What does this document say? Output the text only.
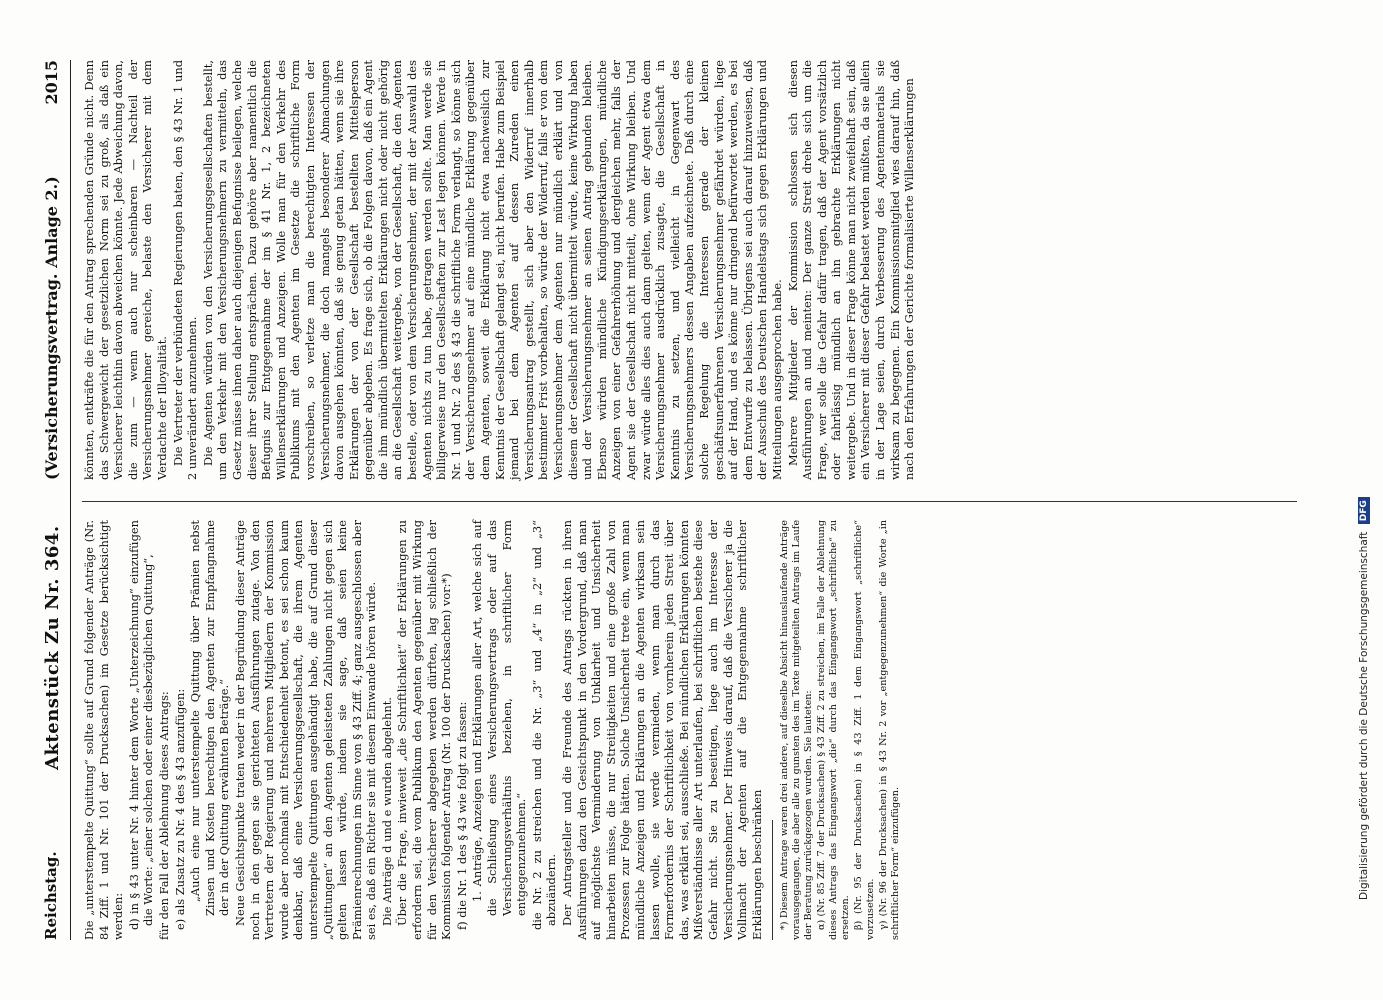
Reichstag.
Aktenstück Zu Nr. 364.
(Versicherungsvertrag. Anlage 2.)
2015

Die „unterstempelte Quittung“ sollte auf Grund folgender Anträge (Nr. 84 Ziff. 1 und Nr. 101 der Drucksachen) im Gesetze berücksichtigt werden: d) in § 43 unter Nr. 4 hinter dem Worte „Unterzeichnung“ einzufügen die Worte: „einer solchen oder einer diesbezüglichen Quittung“, für den Fall der Ablehnung dieses Antrags: e) als Zusatz zu Nr. 4 des § 43 anzufügen: „Auch eine nur unterstempelte Quittung über Prämien nebst Zinsen und Kosten berechtigen den Agenten zur Empfangnahme der in der Quittung erwähnten Beträge.“ Neue Gesichtspunkte traten weder in der Begründung dieser Anträge noch in den gegen sie gerichteten Ausführungen zutage. Von den Vertretern der Regierung und mehreren Mitgliedern der Kommission wurde aber nochmals mit Entschiedenheit betont, es sei schon kaum denkbar, daß eine Versicherungsgesellschaft, die ihrem Agenten unterstempelte Quittungen ausgehändigt habe, die auf Grund dieser „Quittungen“ an den Agenten geleisteten Zahlungen nicht gegen sich gelten lassen würde, indem sie sage, daß seien keine Prämienrechnungen im Sinne von § 43 Ziff. 4; ganz ausgeschlossen aber sei es, daß ein Richter sie mit diesem Einwande hören würde. Die Anträge d und e wurden abgelehnt. Über die Frage, inwieweit „die Schriftlichkeit“ der Erklärungen zu erfordern sei, die vom Publikum den Agenten gegenüber mit Wirkung für den Versicherer abgegeben werden dürften, lag schließlich der Kommission folgender Antrag (Nr. 100 der Drucksachen) vor:*) f) die Nr. 1 des § 43 wie folgt zu fassen: 1. Anträge, Anzeigen und Erklärungen aller Art, welche sich auf die Schließung eines Versicherungsvertrags oder auf das Versicherungsverhältnis beziehen, in schriftlicher Form entgegenzunehmen.“ die Nr. 2 zu streichen und die Nr. „3“ und „4“ in „2“ und „3“ abzuändern. Der Antragsteller und die Freunde des Antrags rückten in ihren Ausführungen dazu den Gesichtspunkt in den Vordergrund, daß man auf möglichste Verminderung von Unklarheit und Unsicherheit hinarbeiten müsse, die nur Streitigkeiten und eine große Zahl von Prozessen zur Folge hätten. Solche Unsicherheit trete ein, wenn man mündliche Anzeigen und Erklärungen an die Agenten wirksam sein lassen wolle, sie werde vermieden, wenn man durch das Formerfordernis der Schriftlichkeit von vornherein jeden Streit über das, was erklärt sei, ausschließe. Bei mündlichen Erklärungen könnten Mißverständnisse aller Art unterlaufen, bei schriftlichen bestehe diese Gefahr nicht. Sie zu beseitigen, liege auch im Interesse der Versicherungsnehmer. Der Hinweis darauf, daß die Versicherer ja die Vollmacht der Agenten auf die Entgegennahme schriftlicher Erklärungen beschränken *) Diesem Antrage waren drei andere, auf dieselbe Absicht hinauslaufende Anträge vorausgegangen, die aber alle zu gunsten des im Texte mitgeteilten Antrags im Laufe der Beratung zurückgezogen wurden. Sie lauteten: α) (Nr. 85 Ziff. 7 der Drucksachen) § 43 Ziff. 2 zu streichen, im Falle der Ablehnung dieses Antrags das Eingangswort „die“ durch das Eingangswort „schriftliche“ zu ersetzen. β) (Nr. 95 der Drucksachen) in § 43 Ziff. 1 dem Eingangswort „schriftliche“ vorzusetzen. γ) (Nr. 96 der Drucksachen) in § 43 Nr. 2 vor „entgegenzunehmen“ die Worte „in schriftlicher Form“ einzufügen.

könnten, entkräfte die für den Antrag sprechenden Gründe nicht. Denn das Schwergewicht der gesetzlichen Norm sei zu groß, als daß ein Versicherer leichthin davon abweichen könnte. Jede Abweichung davon, die zum — wenn auch nur scheinbaren — Nachteil der Versicherungsnehmer gereiche, belaste den Versicherer mit dem Verdachte der Illoyalität. Die Vertreter der verbündeten Regierungen baten, den § 43 Nr. 1 und 2 unverändert anzunehmen. Die Agenten würden von den Versicherungsgesellschaften bestellt, um den Verkehr mit den Versicherungsnehmern zu vermitteln, das Gesetz müsse ihnen daher auch diejenigen Befugnisse beilegen, welche dieser ihrer Stellung entsprächen. Dazu gehöre aber namentlich die Befugnis zur Entgegennahme der im § 41 Nr. 1, 2 bezeichneten Willenserklärungen und Anzeigen. Wolle man für den Verkehr des Publikums mit den Agenten im Gesetze die schriftliche Form vorschreiben, so verletze man die berechtigten Interessen der Versicherungsnehmer, die doch mangels besonderer Abmachungen davon ausgehen könnten, daß sie genug getan hätten, wenn sie ihre Erklärungen der von der Gesellschaft bestellten Mittelsperson gegenüber abgeben. Es frage sich, ob die Folgen davon, daß ein Agent die ihm mündlich übermittelten Erklärungen nicht oder nicht gehörig an die Gesellschaft weitergebe, von der Gesellschaft, die den Agenten bestelle, oder von dem Versicherungsnehmer, der mit der Auswahl des Agenten nichts zu tun habe, getragen werden sollte. Man werde sie billigerweise nur den Gesellschaften zur Last legen können. Werde in Nr. 1 und Nr. 2 des § 43 die schriftliche Form verlangt, so könne sich der Versicherungsnehmer auf eine mündliche Erklärung gegenüber dem Agenten, soweit die Erklärung nicht etwa nachweislich zur Kenntnis der Gesellschaft gelangt sei, nicht berufen. Habe zum Beispiel jemand bei dem Agenten auf dessen Zureden einen Versicherungsantrag gestellt, sich aber den Widerruf innerhalb bestimmter Frist vorbehalten, so würde der Widerruf, falls er von dem Versicherungsnehmer dem Agenten nur mündlich erklärt und von diesem der Gesellschaft nicht übermittelt würde, keine Wirkung haben und der Versicherungsnehmer an seinen Antrag gebunden bleiben. Ebenso würden mündliche Kündigungserklärungen, mündliche Anzeigen von einer Gefahrerhöhung und dergleichen mehr, falls der Agent sie der Gesellschaft nicht mitteilt, ohne Wirkung bleiben. Und zwar würde alles dies auch dann gelten, wenn der Agent etwa dem Versicherungsnehmer ausdrücklich zusagte, die Gesellschaft in Kenntnis zu setzen, und vielleicht in Gegenwart des Versicherungsnehmers dessen Angaben aufzeichnete. Daß durch eine solche Regelung die Interessen gerade der kleinen geschäftsunerfahrenen Versicherungsnehmer gefährdet würden, liege auf der Hand, und es könne nur dringend befürwortet werden, es bei dem Entwurfe zu belassen. Übrigens sei auch darauf hinzuweisen, daß der Ausschuß des Deutschen Handelstags sich gegen Erklärungen und Mitteilungen ausgesprochen habe. Mehrere Mitglieder der Kommission schlossen sich diesen Ausführungen an und meinten: Der ganze Streit drehe sich um die Frage, wer solle die Gefahr dafür tragen, daß der Agent vorsätzlich oder fahrlässig mündlich an ihn gebrachte Erklärungen nicht weitergebe. Und in dieser Frage könne man nicht zweifelhaft sein, daß ein Versicherer mit dieser Gefahr belastet werden müßten, da sie allein in der Lage seien, durch Verbesserung des Agentenmaterials sie wirksam zu begegnen. Ein Kommissionsmitglied wies darauf hin, daß nach den Erfahrungen der Gerichte formalisierte Willenserklärungen

Digitalisierung gefördert durch die Deutsche Forschungsgemeinschaft DFG
